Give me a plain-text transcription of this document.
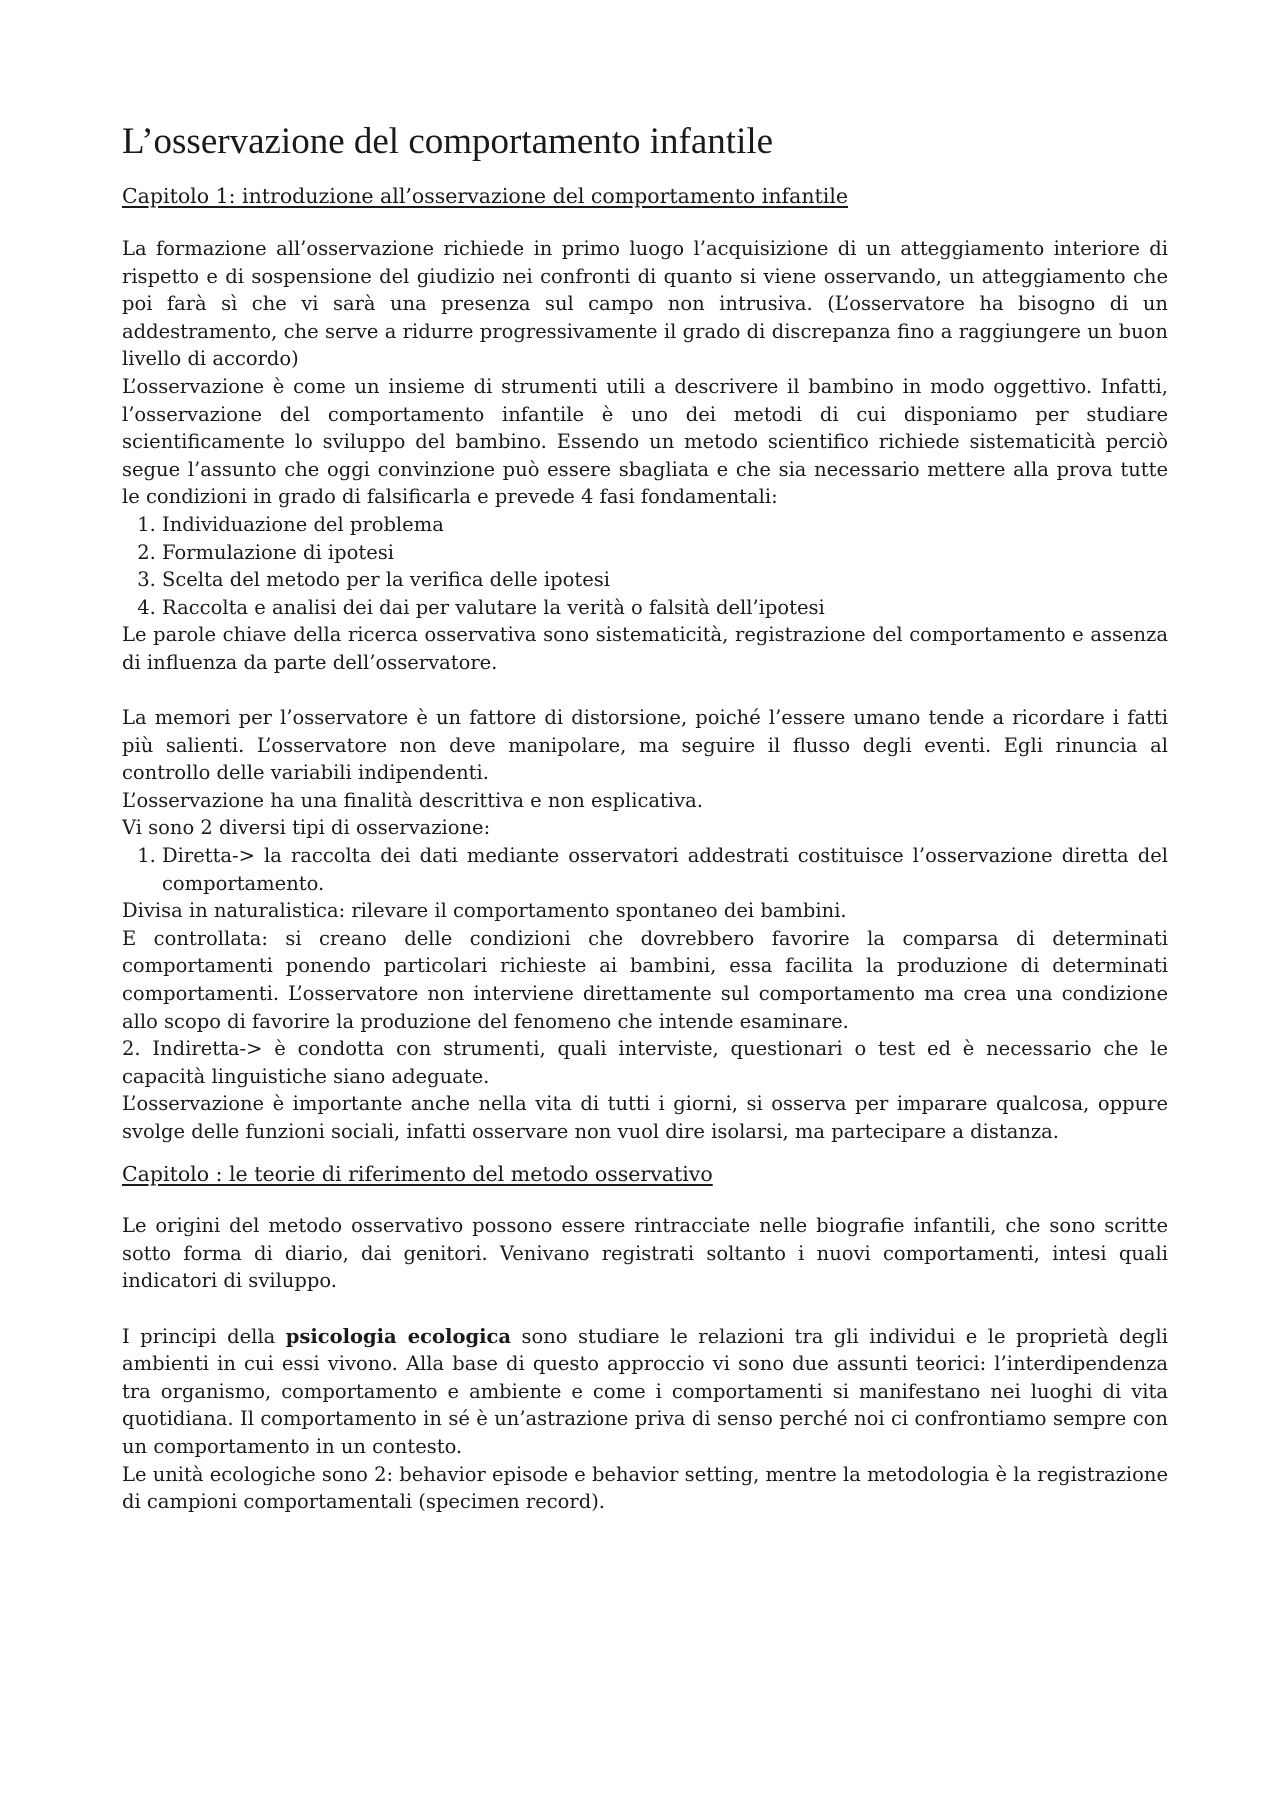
L’osservazione del comportamento infantile
Capitolo 1: introduzione all’osservazione del comportamento infantile

La formazione all’osservazione richiede in primo luogo l’acquisizione di un atteggiamento interiore di rispetto e di sospensione del giudizio nei confronti di quanto si viene osservando, un atteggiamento che poi farà sì che vi sarà una presenza sul campo non intrusiva. (L’osservatore ha bisogno di un addestramento, che serve a ridurre progressivamente il grado di discrepanza fino a raggiungere un buon livello di accordo)

L’osservazione è come un insieme di strumenti utili a descrivere il bambino in modo oggettivo. Infatti, l’osservazione del comportamento infantile è uno dei metodi di cui disponiamo per studiare scientificamente lo sviluppo del bambino. Essendo un metodo scientifico richiede sistematicità perciò segue l’assunto che oggi convinzione può essere sbagliata e che sia necessario mettere alla prova tutte le condizioni in grado di falsificarla e prevede 4 fasi fondamentali:

1. Individuazione del problema
2. Formulazione di ipotesi
3. Scelta del metodo per la verifica delle ipotesi
4. Raccolta e analisi dei dai per valutare la verità o falsità dell’ipotesi

Le parole chiave della ricerca osservativa sono sistematicità, registrazione del comportamento e assenza di influenza da parte dell’osservatore.

La memori per l’osservatore è un fattore di distorsione, poiché l’essere umano tende a ricordare i fatti più salienti. L’osservatore non deve manipolare, ma seguire il flusso degli eventi. Egli rinuncia al controllo delle variabili indipendenti.

L’osservazione ha una finalità descrittiva e non esplicativa.

Vi sono 2 diversi tipi di osservazione:

1. Diretta-> la raccolta dei dati mediante osservatori addestrati costituisce l’osservazione diretta del comportamento.

Divisa in naturalistica: rilevare il comportamento spontaneo dei bambini.

E controllata: si creano delle condizioni che dovrebbero favorire la comparsa di determinati comportamenti ponendo particolari richieste ai bambini, essa facilita la produzione di determinati comportamenti. L’osservatore non interviene direttamente sul comportamento ma crea una condizione allo scopo di favorire la produzione del fenomeno che intende esaminare.

2. Indiretta-> è condotta con strumenti, quali interviste, questionari o test ed è necessario che le capacità linguistiche siano adeguate.

L’osservazione è importante anche nella vita di tutti i giorni, si osserva per imparare qualcosa, oppure svolge delle funzioni sociali, infatti osservare non vuol dire isolarsi, ma partecipare a distanza.

Capitolo : le teorie di riferimento del metodo osservativo

Le origini del metodo osservativo possono essere rintracciate nelle biografie infantili, che sono scritte sotto forma di diario, dai genitori. Venivano registrati soltanto i nuovi comportamenti, intesi quali indicatori di sviluppo.

I principi della psicologia ecologica sono studiare le relazioni tra gli individui e le proprietà degli ambienti in cui essi vivono. Alla base di questo approccio vi sono due assunti teorici: l’interdipendenza tra organismo, comportamento e ambiente e come i comportamenti si manifestano nei luoghi di vita quotidiana. Il comportamento in sé è un’astrazione priva di senso perché noi ci confrontiamo sempre con un comportamento in un contesto.

Le unità ecologiche sono 2: behavior episode e behavior setting, mentre la metodologia è la registrazione di campioni comportamentali (specimen record).
